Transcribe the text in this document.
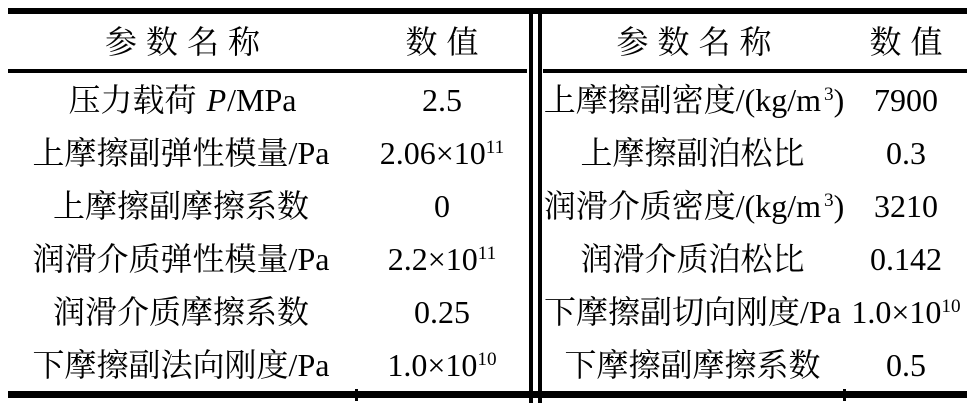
参数名称	数值
压力载荷 P/MPa	2.5
上摩擦副弹性模量/Pa	$2.06\times 10^{11}$
上摩擦副摩擦系数	0
润滑介质弹性模量/Pa	$2.2\times 10^{11}$
润滑介质摩擦系数	0.25
下摩擦副法向刚度/Pa	$1.0\times 10^{10}$
参数名称	数值
上摩擦副密度/(kg/m $^3$) 7900
上摩擦副泊松比	0.3
润滑介质密度/(kg/m $^3$) 3210
润滑介质泊松比	0.142
下摩擦副切向刚度/Pa $1.0\times 10^{10}$
下摩擦副摩擦系数	0.5
